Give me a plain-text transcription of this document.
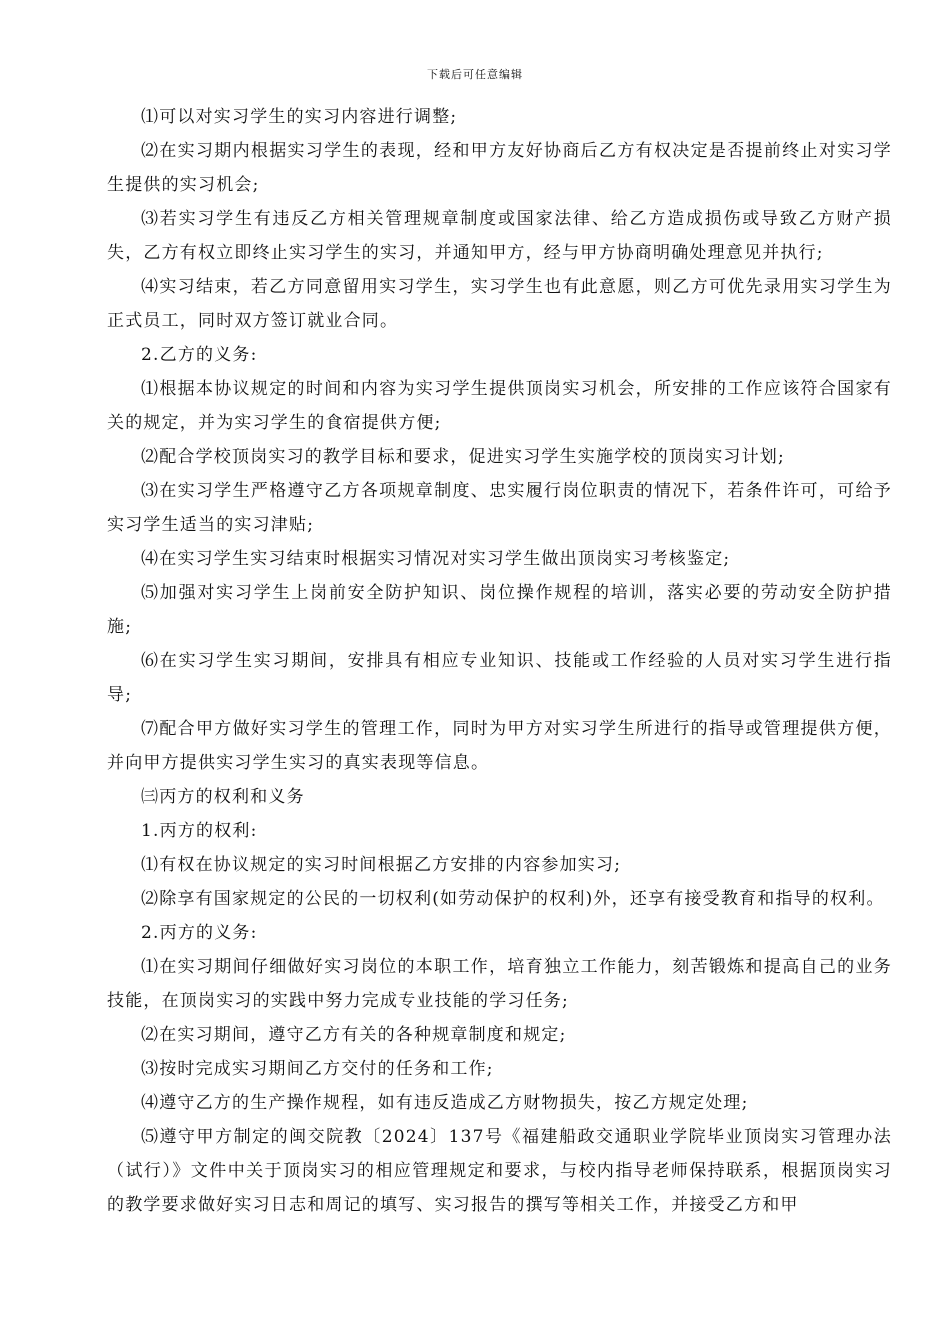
下载后可任意编辑

⑴可以对实习学生的实习内容进行调整;

⑵在实习期内根据实习学生的表现，经和甲方友好协商后乙方有权决定是否提前终止对实习学生提供的实习机会;

⑶若实习学生有违反乙方相关管理规章制度或国家法律、给乙方造成损伤或导致乙方财产损失，乙方有权立即终止实习学生的实习，并通知甲方，经与甲方协商明确处理意见并执行;

⑷实习结束，若乙方同意留用实习学生，实习学生也有此意愿，则乙方可优先录用实习学生为正式员工，同时双方签订就业合同。

2.乙方的义务:

⑴根据本协议规定的时间和内容为实习学生提供顶岗实习机会，所安排的工作应该符合国家有关的规定，并为实习学生的食宿提供方便;

⑵配合学校顶岗实习的教学目标和要求，促进实习学生实施学校的顶岗实习计划;

⑶在实习学生严格遵守乙方各项规章制度、忠实履行岗位职责的情况下，若条件许可，可给予实习学生适当的实习津贴;

⑷在实习学生实习结束时根据实习情况对实习学生做出顶岗实习考核鉴定;

⑸加强对实习学生上岗前安全防护知识、岗位操作规程的培训，落实必要的劳动安全防护措施;

⑹在实习学生实习期间，安排具有相应专业知识、技能或工作经验的人员对实习学生进行指导;

⑺配合甲方做好实习学生的管理工作，同时为甲方对实习学生所进行的指导或管理提供方便，并向甲方提供实习学生实习的真实表现等信息。

㈢丙方的权利和义务

1.丙方的权利:

⑴有权在协议规定的实习时间根据乙方安排的内容参加实习;

⑵除享有国家规定的公民的一切权利(如劳动保护的权利)外，还享有接受教育和指导的权利。

2.丙方的义务:

⑴在实习期间仔细做好实习岗位的本职工作，培育独立工作能力，刻苦锻炼和提高自己的业务技能，在顶岗实习的实践中努力完成专业技能的学习任务;

⑵在实习期间，遵守乙方有关的各种规章制度和规定;

⑶按时完成实习期间乙方交付的任务和工作;

⑷遵守乙方的生产操作规程，如有违反造成乙方财物损失，按乙方规定处理;

⑸遵守甲方制定的闽交院教〔2024〕137号《福建船政交通职业学院毕业顶岗实习管理办法（试行）》文件中关于顶岗实习的相应管理规定和要求，与校内指导老师保持联系，根据顶岗实习的教学要求做好实习日志和周记的填写、实习报告的撰写等相关工作，并接受乙方和甲
